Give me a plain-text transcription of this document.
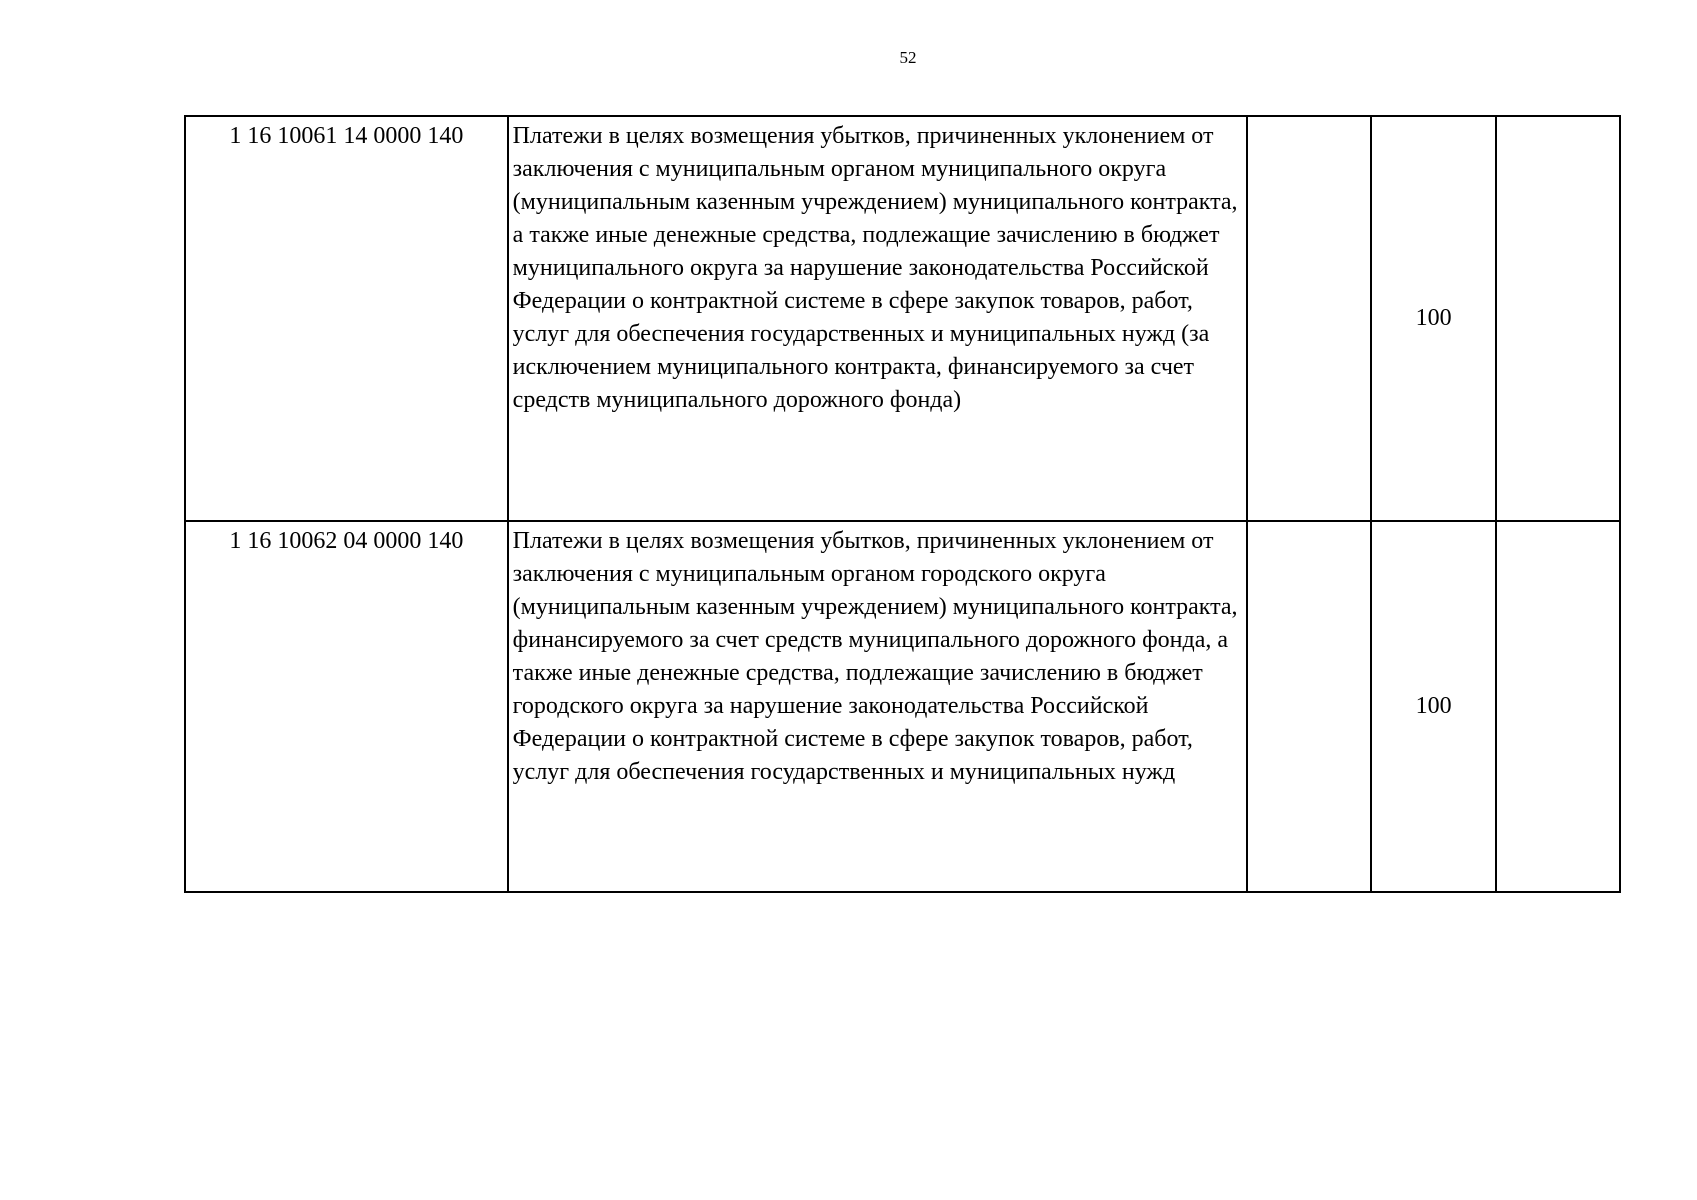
52
1 16 10061 14 0000 140	Платежи в целях возмещения убытков, причиненных уклонением от заключения с муниципальным органом муниципального округа (муниципальным казенным учреждением) муниципального контракта, а также иные денежные средства, подлежащие зачислению в бюджет муниципального округа за нарушение законодательства Российской Федерации о контрактной системе в сфере закупок товаров, работ, услуг для обеспечения государственных и муниципальных нужд (за исключением муниципального контракта, финансируемого за счет средств муниципального дорожного фонда)		100	
1 16 10062 04 0000 140	Платежи в целях возмещения убытков, причиненных уклонением от заключения с муниципальным органом городского округа (муниципальным казенным учреждением) муниципального контракта, финансируемого за счет средств муниципального дорожного фонда, а также иные денежные средства, подлежащие зачислению в бюджет городского округа за нарушение законодательства Российской Федерации о контрактной системе в сфере закупок товаров, работ, услуг для обеспечения государственных и муниципальных нужд		100	
